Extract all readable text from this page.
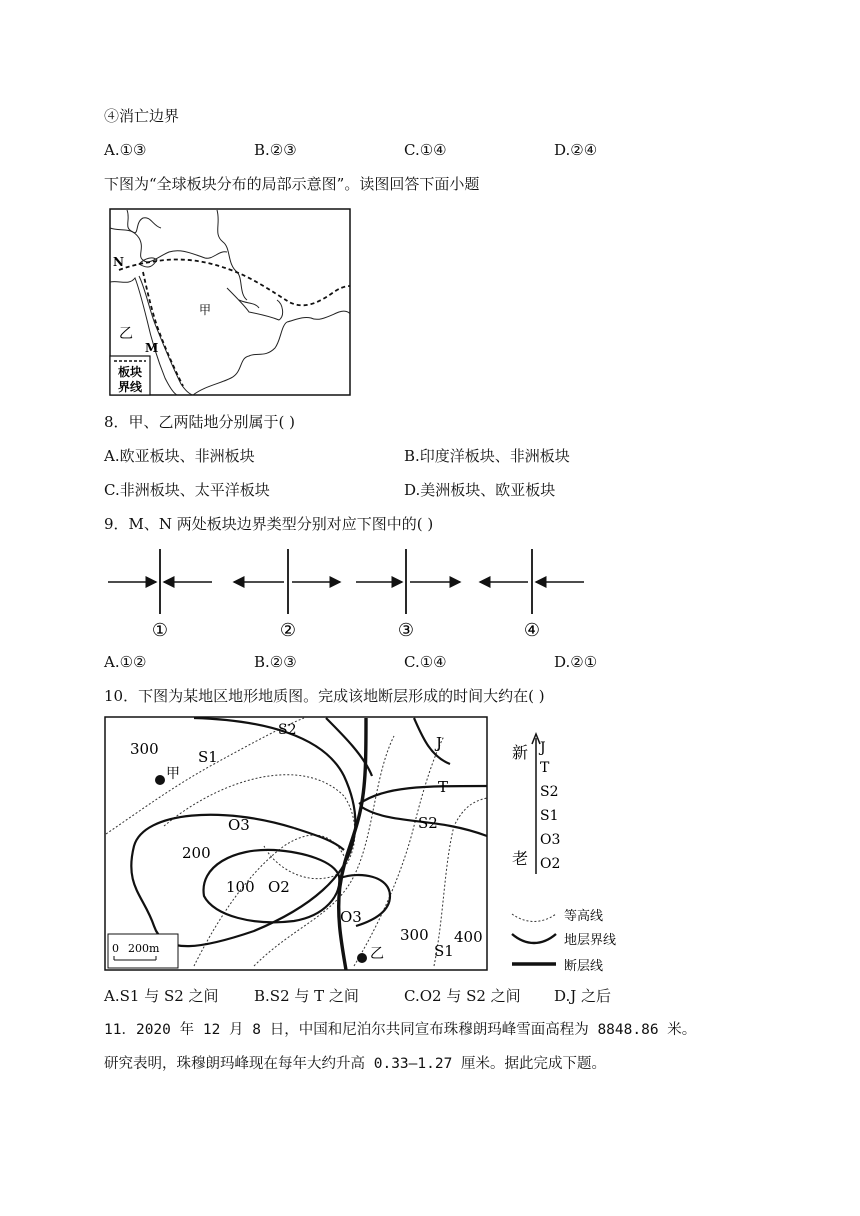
④消亡边界
A.①③	B.②③	C.①④	D.②④
下图为“全球板块分布的局部示意图”。读图回答下面小题
板块
界线
N
M
甲
乙
8．甲、乙两陆地分别属于( )
A.欧亚板块、非洲板块	B.印度洋板块、非洲板块
C.非洲板块、太平洋板块	D.美洲板块、欧亚板块
9．M、N 两处板块边界类型分别对应下图中的( )
①	②	③	④
A.①②	B.②③	C.①④	D.②①
10．下图为某地区地形地质图。完成该地断层形成的时间大约在( )
甲
乙
300
200
100
300 400
S1
S2
O3
O2
O3
S2
T
J
S1
0 200m
新
老
J
T
S2
S1
O3
O2
等高线
地层界线
断层线
A.S1 与 S2 之间 B.S2 与 T 之间	C.O2 与 S2 之间 D.J 之后
11．2020 年 12 月 8 日，中国和尼泊尔共同宣布珠穆朗玛峰雪面高程为 8848.86 米。
研究表明，珠穆朗玛峰现在每年大约升高 0.33—1.27 厘米。据此完成下题。
